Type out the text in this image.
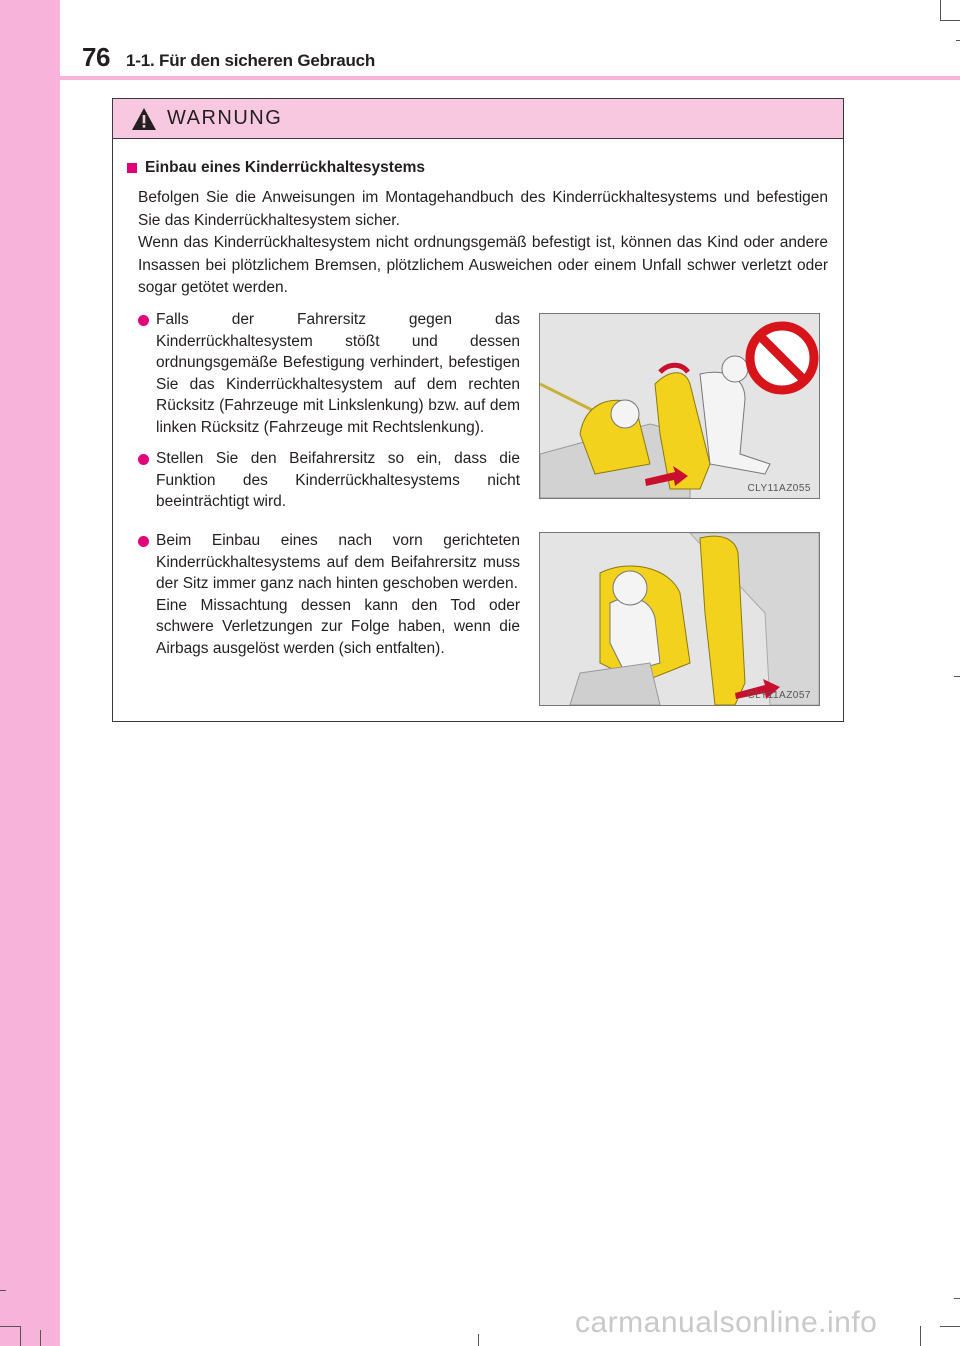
76 1-1. Für den sicheren Gebrauch
WARNUNG
Einbau eines Kinderrückhaltesystems

Befolgen Sie die Anweisungen im Montagehandbuch des Kinderrückhaltesystems und befestigen Sie das Kinderrückhaltesystem sicher.

Wenn das Kinderrückhaltesystem nicht ordnungsgemäß befestigt ist, können das Kind oder andere Insassen bei plötzlichem Bremsen, plötzlichem Ausweichen oder einem Unfall schwer verletzt oder sogar getötet werden.

Falls der Fahrersitz gegen das Kinderrückhaltesystem stößt und dessen ordnungsgemäße Befestigung verhindert, befestigen Sie das Kinderrückhaltesystem auf dem rechten Rücksitz (Fahrzeuge mit Linkslenkung) bzw. auf dem linken Rücksitz (Fahrzeuge mit Rechtslenkung).

Stellen Sie den Beifahrersitz so ein, dass die Funktion des Kinderrückhaltesystems nicht beeinträchtigt wird.

Beim Einbau eines nach vorn gerichteten Kinderrückhaltesystems auf dem Beifahrersitz muss der Sitz immer ganz nach hinten geschoben werden.

Eine Missachtung dessen kann den Tod oder schwere Verletzungen zur Folge haben, wenn die Airbags ausgelöst werden (sich entfalten).

CLY11AZ055
CLY11AZ057
carmanualsonline.info
